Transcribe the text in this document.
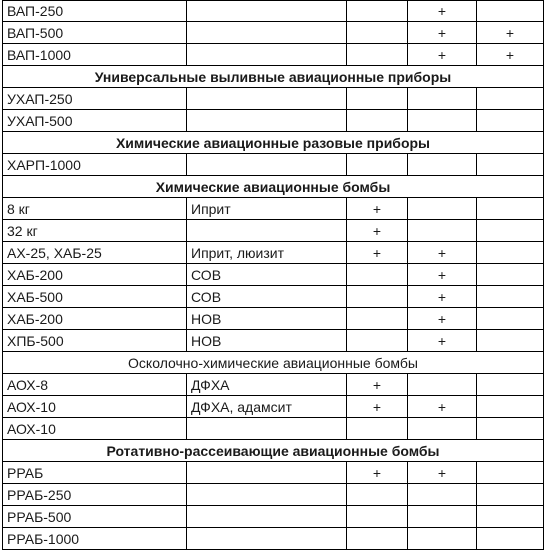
ВАП-250			+	
ВАП-500			+	+
ВАП-1000			+	+
Универсальные выливные авиационные приборы				
УХАП-250				
УХАП-500				
Химические авиационные разовые приборы				
ХАРП-1000				
Химические авиационные бомбы				
8 кг	Иприт	+		
32 кг		+		
АХ-25, ХАБ-25	Иприт, люизит	+	+	
ХАБ-200	СОВ		+	
ХАБ-500	СОВ		+	
ХАБ-200	НОВ		+	
ХПБ-500	НОВ		+	
Осколочно-химические авиационные бомбы				
АОХ-8	ДФХА	+		
АОХ-10	ДФХА, адамсит	+	+	
АОХ-10				
Ротативно-рассеивающие авиационные бомбы				
РРАБ		+	+	
РРАБ-250				
РРАБ-500				
РРАБ-1000				
